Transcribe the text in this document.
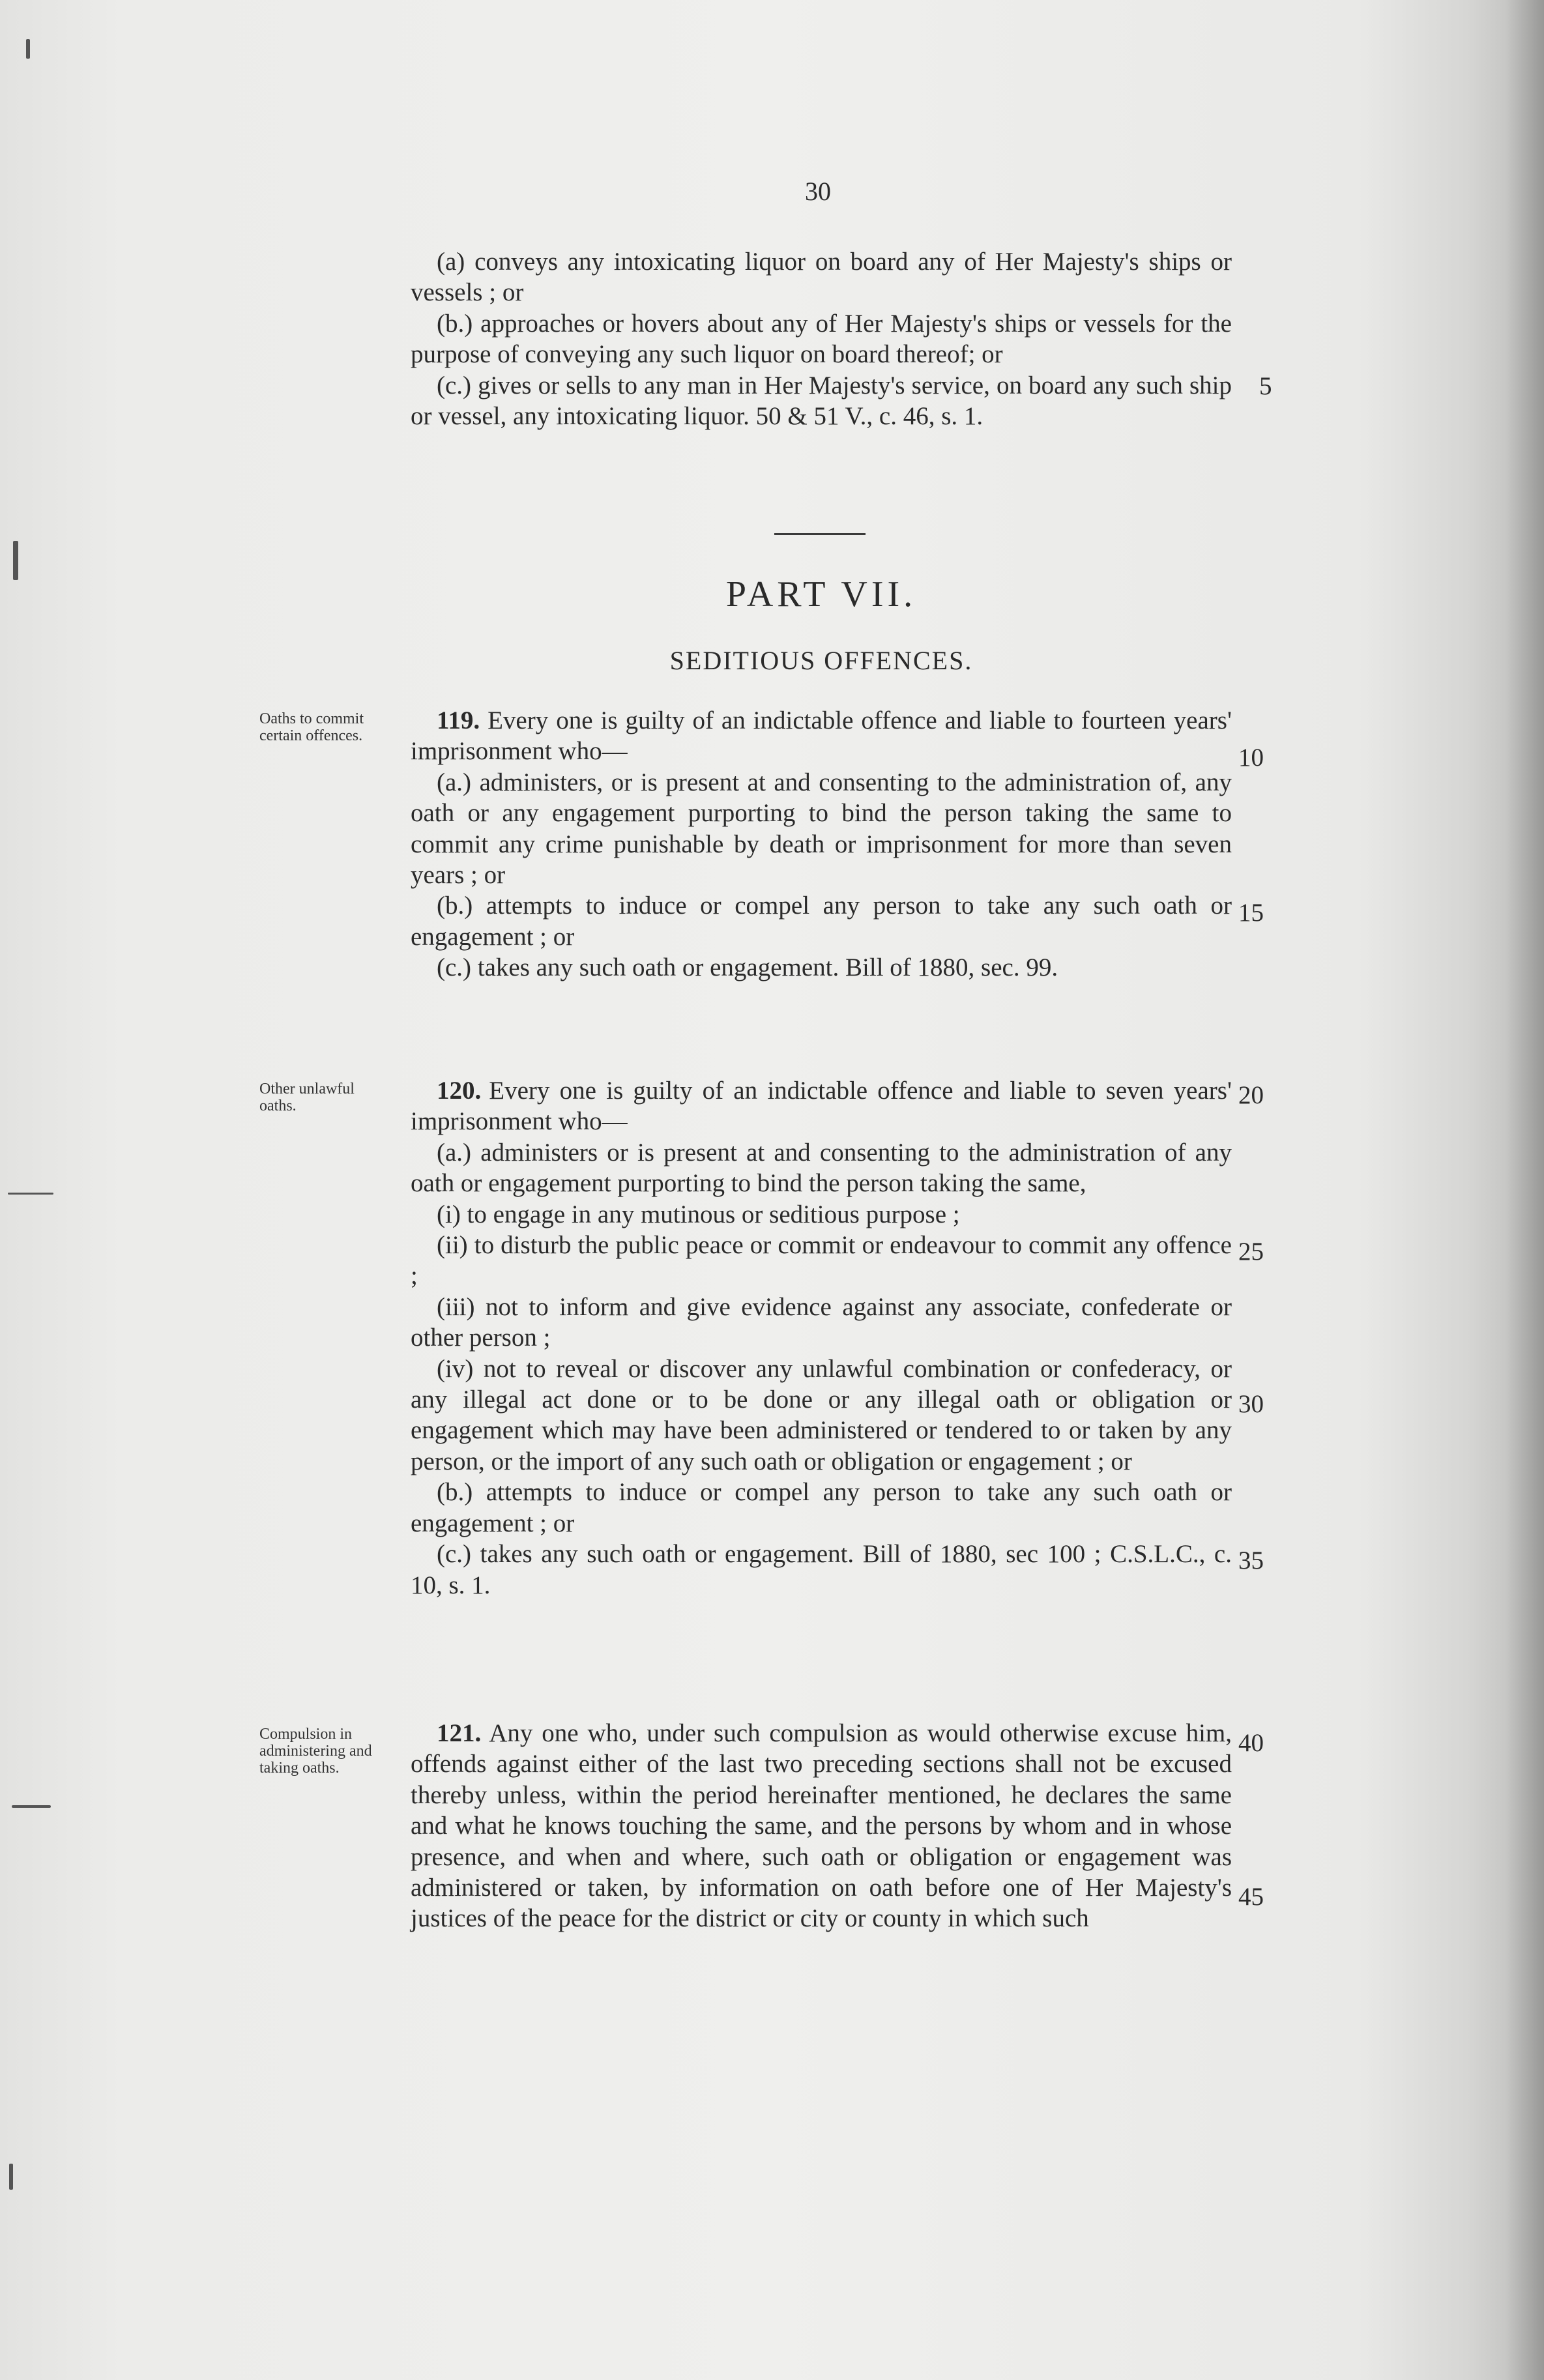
30

(a) conveys any intoxicating liquor on board any of Her Majesty's ships or vessels ; or

(b.) approaches or hovers about any of Her Majesty's ships or vessels for the purpose of conveying any such liquor on board thereof; or

(c.) gives or sells to any man in Her Majesty's service, on board any such ship or vessel, any intoxicating liquor. 50 & 51 V., c. 46, s. 1.

PART VII.
SEDITIOUS OFFENCES.
Oaths to commit certain offences.

119. Every one is guilty of an indictable offence and liable to fourteen years' imprisonment who—

(a.) administers, or is present at and consenting to the administration of, any oath or any engagement purporting to bind the person taking the same to commit any crime punishable by death or imprisonment for more than seven years ; or

(b.) attempts to induce or compel any person to take any such oath or engagement ; or

(c.) takes any such oath or engagement. Bill of 1880, sec. 99.

Other unlawful oaths.

120. Every one is guilty of an indictable offence and liable to seven years' imprisonment who—

(a.) administers or is present at and consenting to the administration of any oath or engagement purporting to bind the person taking the same,

(i) to engage in any mutinous or seditious purpose ;

(ii) to disturb the public peace or commit or endeavour to commit any offence ;

(iii) not to inform and give evidence against any associate, confederate or other person ;

(iv) not to reveal or discover any unlawful combination or confederacy, or any illegal act done or to be done or any illegal oath or obligation or engagement which may have been administered or tendered to or taken by any person, or the import of any such oath or obligation or engagement ; or

(b.) attempts to induce or compel any person to take any such oath or engagement ; or

(c.) takes any such oath or engagement. Bill of 1880, sec 100 ; C.S.L.C., c. 10, s. 1.

Compulsion in administering and taking oaths.

121. Any one who, under such compulsion as would otherwise excuse him, offends against either of the last two preceding sections shall not be excused thereby unless, within the period hereinafter mentioned, he declares the same and what he knows touching the same, and the persons by whom and in whose presence, and when and where, such oath or obligation or engagement was administered or taken, by information on oath before one of Her Majesty's justices of the peace for the district or city or county in which such

5
10
15
20
25
30
35
40
45
